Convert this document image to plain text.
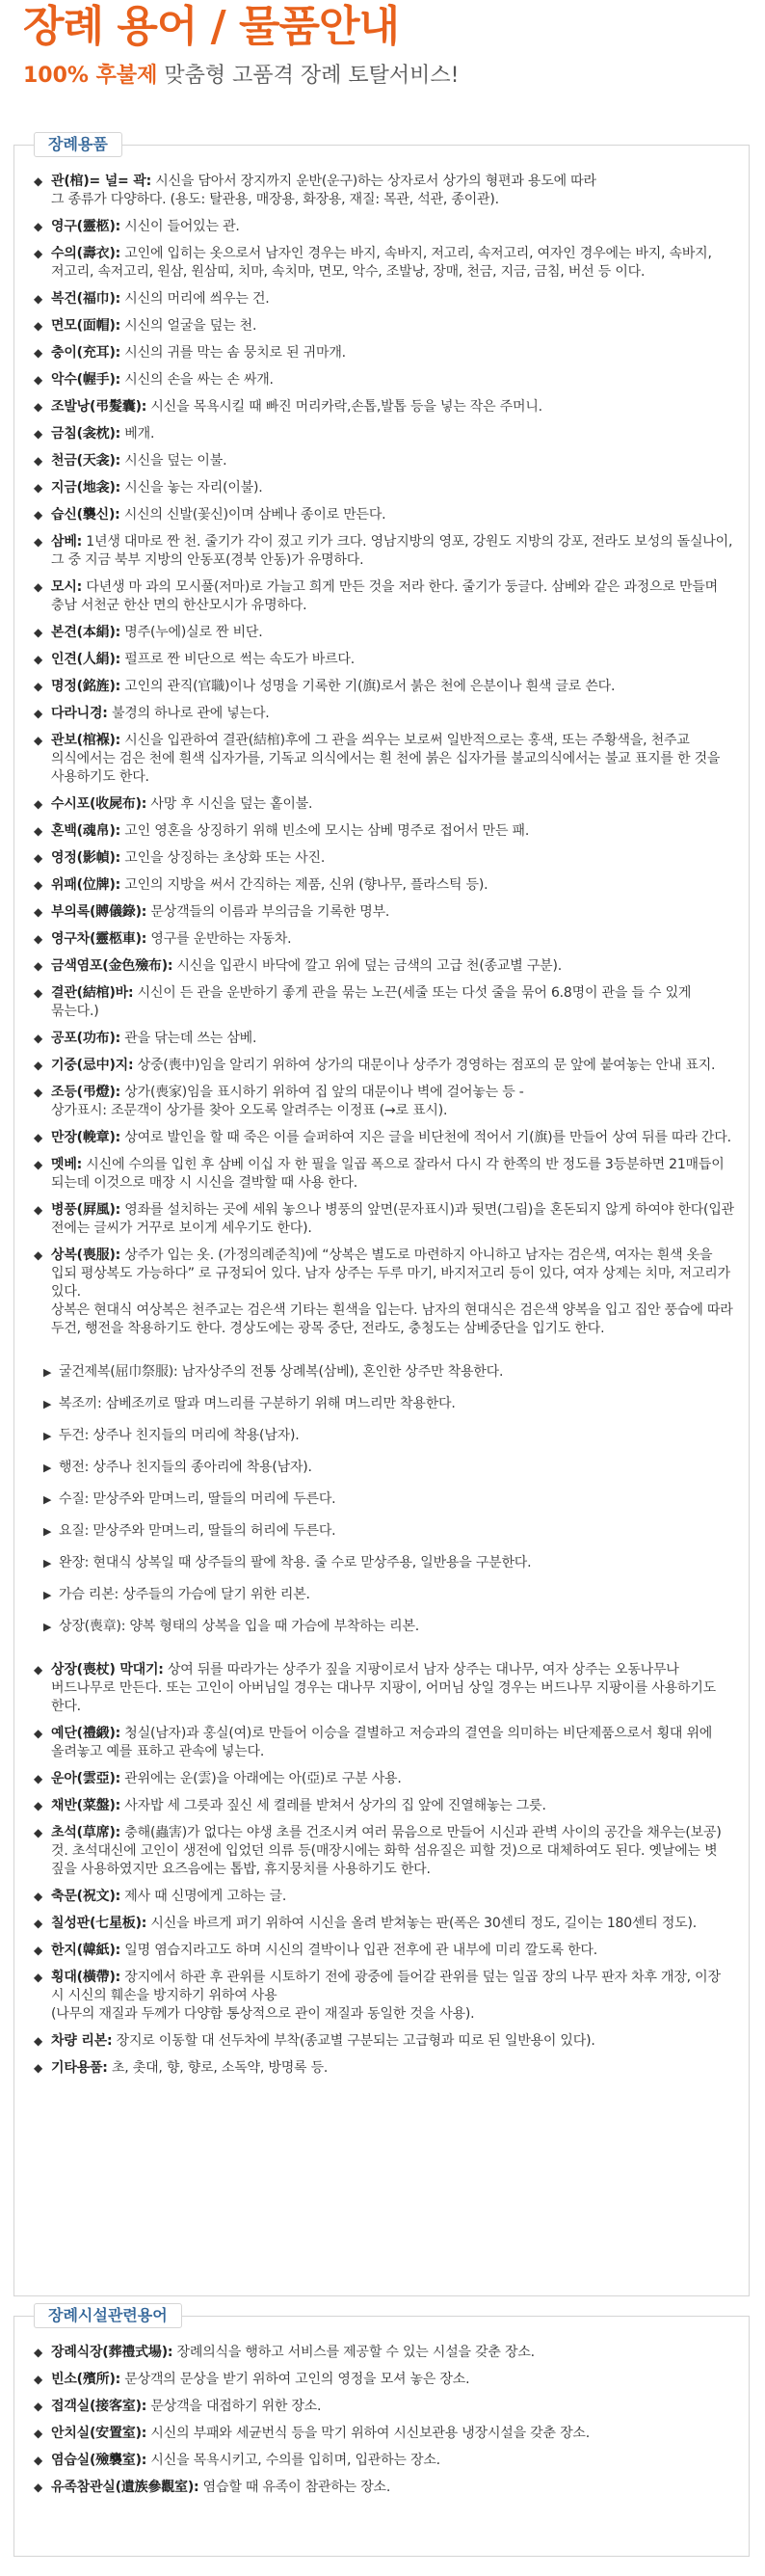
장례 용어 / 물품안내
100% 후불제 맞춤형 고품격 장례 토탈서비스!
장례용품
◆ 관(棺)= 널= 곽: 시신을 담아서 장지까지 운반(운구)하는 상자로서 상가의 형편과 용도에 따라
그 종류가 다양하다. (용도: 탈관용, 매장용, 화장용, 재질: 목관, 석관, 종이관).
◆ 영구(靈柩): 시신이 들어있는 관.
◆ 수의(壽衣): 고인에 입히는 옷으로서 남자인 경우는 바지, 속바지, 저고리, 속저고리, 여자인 경우에는 바지, 속바지, 저고리, 속저고리, 원삼, 원삼띠, 치마, 속치마, 면모, 악수, 조발낭, 장매, 천금, 지금, 금침, 버선 등 이다.
◆ 복건(福巾): 시신의 머리에 씌우는 건.
◆ 면모(面帽): 시신의 얼굴을 덮는 천.
◆ 충이(充耳): 시신의 귀를 막는 솜 뭉치로 된 귀마개.
◆ 악수(幄手): 시신의 손을 싸는 손 싸개.
◆ 조발낭(弔髮囊): 시신을 목욕시킬 때 빠진 머리카락,손톱,발톱 등을 넣는 작은 주머니.
◆ 금침(衾枕): 베개.
◆ 천금(天衾): 시신을 덮는 이불.
◆ 지금(地衾): 시신을 놓는 자리(이불).
◆ 습신(襲신): 시신의 신발(꽃신)이며 삼베나 종이로 만든다.
◆ 삼베: 1년생 대마로 짠 천. 줄기가 각이 졌고 키가 크다. 영남지방의 영포, 강원도 지방의 강포, 전라도 보성의 돌실나이, 그 중 지금 북부 지방의 안동포(경북 안동)가 유명하다.
◆ 모시: 다년생 마 과의 모시풀(저마)로 가늘고 희게 만든 것을 저라 한다. 줄기가 둥글다. 삼베와 같은 과정으로 만들며 충남 서천군 한산 면의 한산모시가 유명하다.
◆ 본견(本絹): 명주(누에)실로 짠 비단.
◆ 인견(人絹): 펄프로 짠 비단으로 썩는 속도가 바르다.
◆ 명정(銘旌): 고인의 관직(官職)이나 성명을 기록한 기(旗)로서 붉은 천에 은분이나 흰색 글로 쓴다.
◆ 다라니경: 불경의 하나로 관에 넣는다.
◆ 관보(棺褓): 시신을 입관하여 결관(結棺)후에 그 관을 씌우는 보로써 일반적으로는 홍색, 또는 주황색을, 천주교 의식에서는 검은 천에 흰색 십자가를, 기독교 의식에서는 흰 천에 붉은 십자가를 불교의식에서는 불교 표지를 한 것을 사용하기도 한다.
◆ 수시포(收屍布): 사망 후 시신을 덮는 홑이불.
◆ 혼백(魂帛): 고인 영혼을 상징하기 위해 빈소에 모시는 삼베 명주로 접어서 만든 패.
◆ 영정(影幀): 고인을 상징하는 초상화 또는 사진.
◆ 위패(位牌): 고인의 지방을 써서 간직하는 제품, 신위 (향나무, 플라스틱 등).
◆ 부의록(賻儀錄): 문상객들의 이름과 부의금을 기록한 명부.
◆ 영구차(靈柩車): 영구를 운반하는 자동차.
◆ 금색염포(金色殮布): 시신을 입관시 바닥에 깔고 위에 덮는 금색의 고급 천(종교별 구분).
◆ 결관(結棺)바: 시신이 든 관을 운반하기 좋게 관을 묶는 노끈(세줄 또는 다섯 줄을 묶어 6.8명이 관을 들 수 있게 묶는다.)
◆ 공포(功布): 관을 닦는데 쓰는 삼베.
◆ 기중(忌中)지: 상중(喪中)임을 알리기 위하여 상가의 대문이나 상주가 경영하는 점포의 문 앞에 붙여놓는 안내 표지.
◆ 조등(弔燈): 상가(喪家)임을 표시하기 위하여 집 앞의 대문이나 벽에 걸어놓는 등 -
상가표시: 조문객이 상가를 찾아 오도록 알려주는 이정표 (→로 표시).
◆ 만장(輓章): 상여로 발인을 할 때 죽은 이를 슬퍼하여 지은 글을 비단천에 적어서 기(旗)를 만들어 상여 뒤를 따라 간다.
◆ 멧베: 시신에 수의를 입힌 후 삼베 이십 자 한 필을 일곱 폭으로 잘라서 다시 각 한쪽의 반 정도를 3등분하면 21매듭이 되는데 이것으로 매장 시 시신을 결박할 때 사용 한다.
◆ 병풍(屛風): 영좌를 설치하는 곳에 세워 놓으나 병풍의 앞면(문자표시)과 뒷면(그림)을 혼돈되지 않게 하여야 한다(입관 전에는 글씨가 거꾸로 보이게 세우기도 한다).
◆ 상복(喪服): 상주가 입는 옷. (가정의례준칙)에 “상복은 별도로 마련하지 아니하고 남자는 검은색, 여자는 흰색 옷을 입되 평상복도 가능하다” 로 규정되어 있다. 남자 상주는 두루 마기, 바지저고리 등이 있다, 여자 상제는 치마, 저고리가 있다.
상복은 현대식 여상복은 천주교는 검은색 기타는 흰색을 입는다. 남자의 현대식은 검은색 양복을 입고 집안 풍습에 따라 두건, 행전을 착용하기도 한다. 경상도에는 광목 중단, 전라도, 충청도는 삼베중단을 입기도 한다.
▶ 굴건제복(屈巾祭服): 남자상주의 전통 상례복(삼베), 혼인한 상주만 착용한다.
▶ 복조끼: 삼베조끼로 딸과 며느리를 구분하기 위해 며느리만 착용한다.
▶ 두건: 상주나 친지들의 머리에 착용(남자).
▶ 행전: 상주나 친지들의 종아리에 착용(남자).
▶ 수질: 맏상주와 맏며느리, 딸들의 머리에 두른다.
▶ 요질: 맏상주와 맏며느리, 딸들의 허리에 두른다.
▶ 완장: 현대식 상복일 때 상주들의 팔에 착용. 줄 수로 맏상주용, 일반용을 구분한다.
▶ 가슴 리본: 상주들의 가슴에 달기 위한 리본.
▶ 상장(喪章): 양복 형태의 상복을 입을 때 가슴에 부착하는 리본.
◆ 상장(喪杖) 막대기: 상여 뒤를 따라가는 상주가 짚을 지팡이로서 남자 상주는 대나무, 여자 상주는 오동나무나 버드나무로 만든다. 또는 고인이 아버님일 경우는 대나무 지팡이, 어머님 상일 경우는 버드나무 지팡이를 사용하기도 한다.
◆ 예단(禮緞): 청실(남자)과 홍실(여)로 만들어 이승을 결별하고 저승과의 결연을 의미하는 비단제품으로서 횡대 위에 올려놓고 예를 표하고 관속에 넣는다.
◆ 운아(雲亞): 관위에는 운(雲)을 아래에는 아(亞)로 구분 사용.
◆ 채반(菜盤): 사자밥 세 그릇과 짚신 세 켤레를 받쳐서 상가의 집 앞에 진열해놓는 그릇.
◆ 초석(草席): 충해(蟲害)가 없다는 야생 초를 건조시켜 여러 묶음으로 만들어 시신과 관벽 사이의 공간을 채우는(보공)것. 초석대신에 고인이 생전에 입었던 의류 등(매장시에는 화학 섬유질은 피할 것)으로 대체하여도 된다. 옛날에는 볏 짚을 사용하였지만 요즈음에는 톱밥, 휴지뭉치를 사용하기도 한다.
◆ 축문(祝文): 제사 때 신명에게 고하는 글.
◆ 칠성판(七星板): 시신을 바르게 펴기 위하여 시신을 올려 받쳐놓는 판(폭은 30센티 정도, 길이는 180센티 정도).
◆ 한지(韓紙): 일명 염습지라고도 하며 시신의 결박이나 입관 전후에 관 내부에 미리 깔도록 한다.
◆ 횡대(橫帶): 장지에서 하관 후 관위를 시토하기 전에 광중에 들어갈 관위를 덮는 일곱 장의 나무 판자 차후 개장, 이장 시 시신의 훼손을 방지하기 위하여 사용
(나무의 재질과 두께가 다양함 통상적으로 관이 재질과 동일한 것을 사용).
◆ 차량 리본: 장지로 이동할 대 선두차에 부착(종교별 구분되는 고급형과 띠로 된 일반용이 있다).
◆ 기타용품: 초, 촛대, 향, 향로, 소독약, 방명록 등.
장례시설관련용어
◆ 장례식장(葬禮式場): 장례의식을 행하고 서비스를 제공할 수 있는 시설을 갖춘 장소.
◆ 빈소(殯所): 문상객의 문상을 받기 위하여 고인의 영정을 모셔 놓은 장소.
◆ 접객실(接客室): 문상객을 대접하기 위한 장소.
◆ 안치실(安置室): 시신의 부패와 세균번식 등을 막기 위하여 시신보관용 냉장시설을 갖춘 장소.
◆ 염습실(殮襲室): 시신을 목욕시키고, 수의를 입히며, 입관하는 장소.
◆ 유족참관실(遺族參觀室): 염습할 때 유족이 참관하는 장소.
